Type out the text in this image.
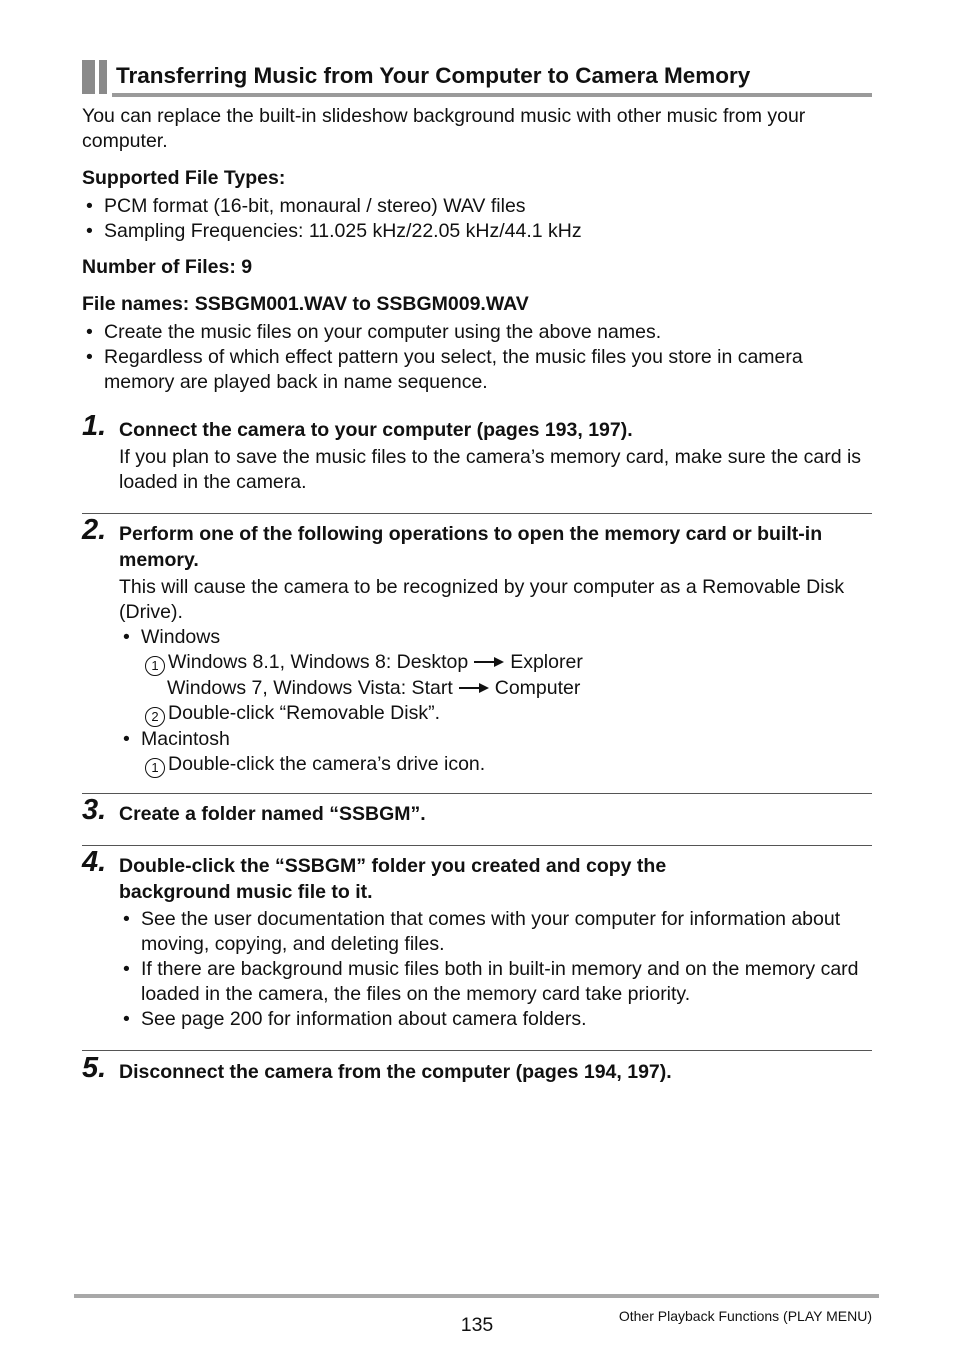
Transferring Music from Your Computer to Camera Memory

You can replace the built-in slideshow background music with other music from your computer.

Supported File Types:
• PCM format (16-bit, monaural / stereo) WAV files
• Sampling Frequencies: 11.025 kHz/22.05 kHz/44.1 kHz
Number of Files: 9
File names: SSBGM001.WAV to SSBGM009.WAV
• Create the music files on your computer using the above names.
• Regardless of which effect pattern you select, the music files you store in camera memory are played back in name sequence.
1. Connect the camera to your computer (pages 193, 197).
If you plan to save the music files to the camera’s memory card, make sure the card is loaded in the camera.
2. Perform one of the following operations to open the memory card or built-in memory.
This will cause the camera to be recognized by your computer as a Removable Disk (Drive).
• Windows
1 Windows 8.1, Windows 8: Desktop Explorer
Windows 7, Windows Vista: Start Computer
2 Double-click “Removable Disk”.
• Macintosh
1 Double-click the camera’s drive icon.
3. Create a folder named “SSBGM”.
4. Double-click the “SSBGM” folder you created and copy the background music file to it.
• See the user documentation that comes with your computer for information about moving, copying, and deleting files.
• If there are background music files both in built-in memory and on the memory card loaded in the camera, the files on the memory card take priority.
• See page 200 for information about camera folders.
5. Disconnect the camera from the computer (pages 194, 197).
135	Other Playback Functions (PLAY MENU)
